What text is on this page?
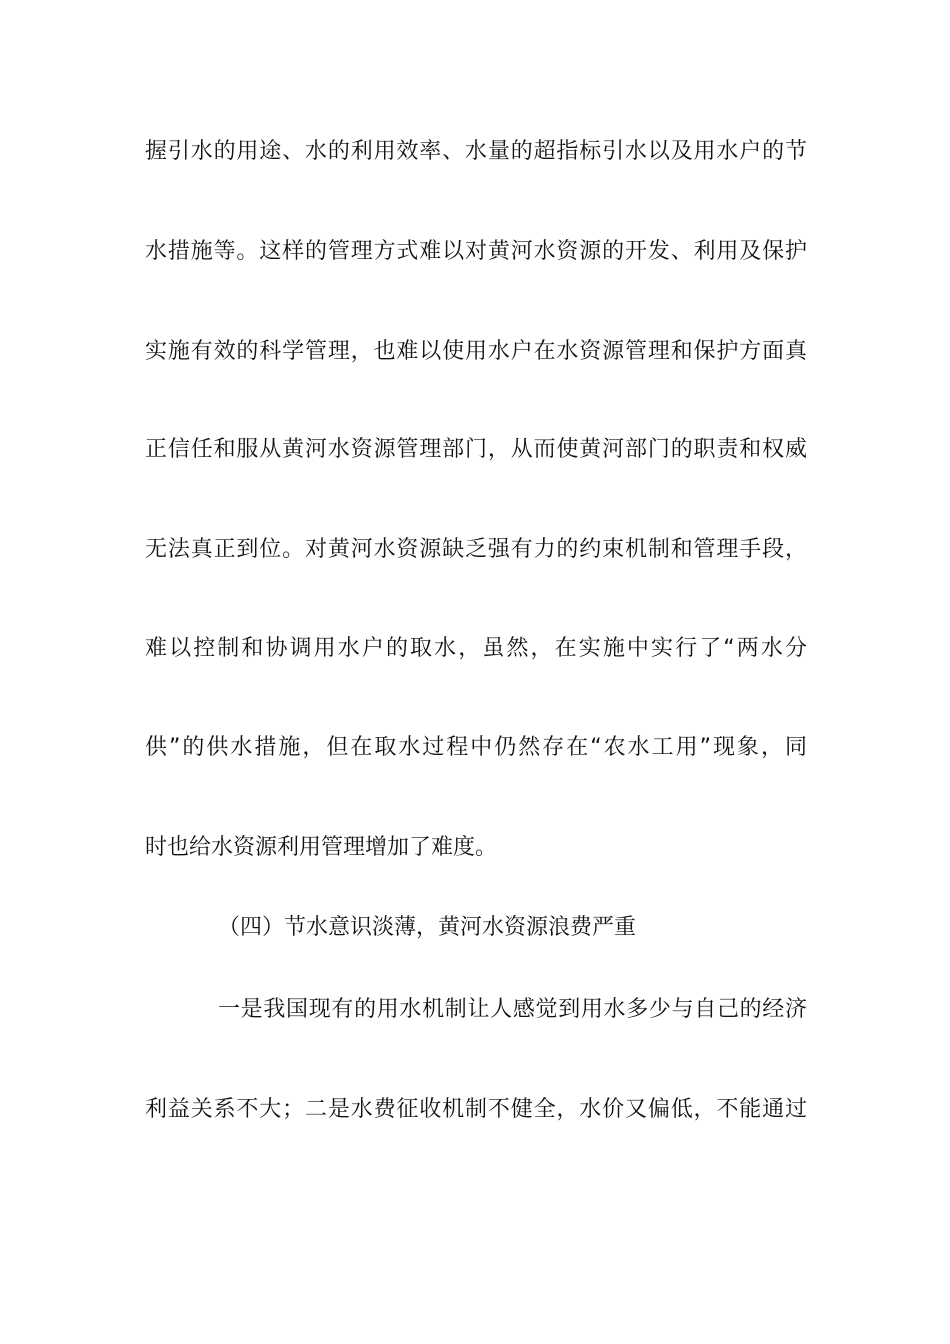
握引水的用途、水的利用效率、水量的超指标引水以及用水户的节
水措施等。这样的管理方式难以对黄河水资源的开发、利用及保护
实施有效的科学管理，也难以使用水户在水资源管理和保护方面真
正信任和服从黄河水资源管理部门，从而使黄河部门的职责和权威
无法真正到位。对黄河水资源缺乏强有力的约束机制和管理手段，
难以控制和协调用水户的取水，虽然，在实施中实行了“两水分
供”的供水措施，但在取水过程中仍然存在“农水工用”现象，同
时也给水资源利用管理增加了难度。
（四）节水意识淡薄，黄河水资源浪费严重
一是我国现有的用水机制让人感觉到用水多少与自己的经济
利益关系不大；二是水费征收机制不健全，水价又偏低，不能通过
